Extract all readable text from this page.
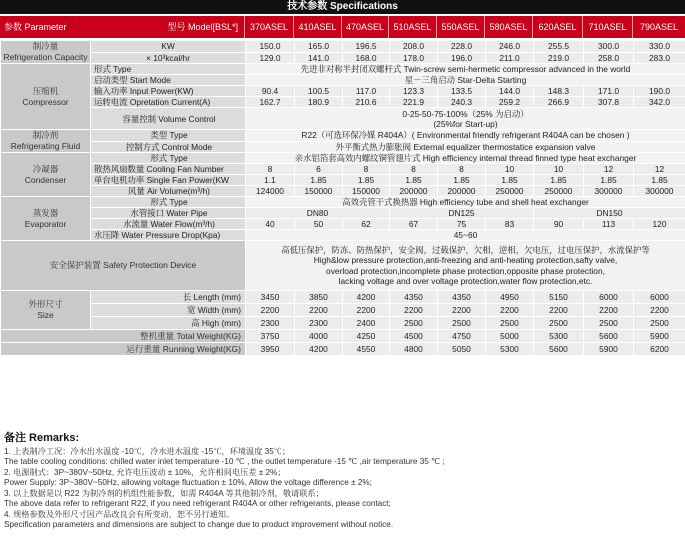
技术参数 Specifications
参数 Parameter	型号 Model[BSL*]	370ASEL	410ASEL	470ASEL	510ASEL	550ASEL	580ASEL	620ASEL	710ASEL	790ASEL
制冷量
Refrigeration Capacity	KW	150.0	165.0	196.5	208.0	228.0	246.0	255.5	300.0	330.0
	× 10³kcal/hr	129.0	141.0	168.0	178.0	196.0	211.0	219.0	258.0	283.0
压缩机
Compressor	形式 Type	先进非对称半封闭双螺杆式 Twin-screw semi-hermetic compressor advanced in the world								
	启动类型 Start Mode	星－三角启动 Star-Delta Starting								
	输入功率 Input Power(KW)	90.4	100.5	117.0	123.3	133.5	144.0	148.3	171.0	190.0
	运转电流 Opretation Current(A)	162.7	180.9	210.6	221.9	240.3	259.2	266.9	307.8	342.0
	容量控制 Volume Control	0-25-50-75-100%（25% 为启动）
(25%for Start-up)								

制冷剂
Refrigerating Fluid	类型 Type	R22（可选环保冷媒 R404A）( Environmental friendly refrigerant R404A can be chosen )								
	控制方式 Control Mode	外平衡式热力膨胀阀 External equalizer thermostatice expansion valve								
冷凝器
Condenser	形式 Type	亲水铝箔套高效内螺纹铜管翅片式 High efficiency internal thread finned type heat exchanger								
	散热风扇数量 Cooling Fan Number	8	6	8	8	8	10	10	12	12
	单台电机功率 Single Fan Power(KW	1.1	1.85	1.85	1.85	1.85	1.85	1.85	1.85	1.85
	风量 Air Volume(m³/h)	124000	150000	150000	200000	200000	250000	250000	300000	300000
蒸发器
Evaporator	形式 Type	高效壳管干式换热器 High efficiency tube and shell heat exchanger								
	水管接口 Water Pipe	DN80			DN125			DN150		
	水流量 Water Flow(m³/h)	40	50	62	67	75	83	90	113	120
	水压降 Water Pressure Drop(Kpa)	45~60								
安全保护装置 Safety Protection Device		高低压保护，防冻、防热保护，安全阀，过载保护，欠相，逆相，欠电压，过电压保护，水流保护等
High&low pressure protection,anti-freezing and anti-heating protection,safty valve,
overload protection,incomplete phase protection,opposite phase protection,
lacking voltage and over voltage protection,water flow protection,etc.								

外形尺寸
Size	长 Length (mm)	3450	3850	4200	4350	4350	4950	5150	6000	6000
	宽 Width (mm)	2200	2200	2200	2200	2200	2200	2200	2200	2200
	高 High (mm)	2300	2300	2400	2500	2500	2500	2500	2500	2500
整机重量 Total Weight(KG)		3750	4000	4250	4500	4750	5000	5300	5600	5900
运行重量 Running Weight(KG)		3950	4200	4550	4800	5050	5300	5600	5900	6200
备注 Remarks:
1. 上表制冷工况：冷水出水温度 -10℃，冷水进水温度 -15℃，环境温度 35℃；
The table cooling conditions: chilled water inlet temperature -10 ℃ , the outlet temperature -15 ℃ ,air temperature 35 ℃ ;
2. 电源制式：3P~380V~50Hz, 允许电压波动 ± 10%，允许相间电压差 ± 2%；
Power Supply: 3P~380V~50Hz, allowing voltage fluctuation ± 10%, Allow the voltage difference ± 2%;
3. 以上数据是以 R22 为制冷剂的机组性能参数，如需 R404A 等其他制冷剂，敬请联系；
The above data refer to refrigerant R22, if you need refrigerant R404A or other refrigerants, please contact;
4. 规格参数及外形尺寸因产品改良会有所变动，恕不另行通知。
Specification parameters and dimensions are subject to change due to product improvement without notice.
